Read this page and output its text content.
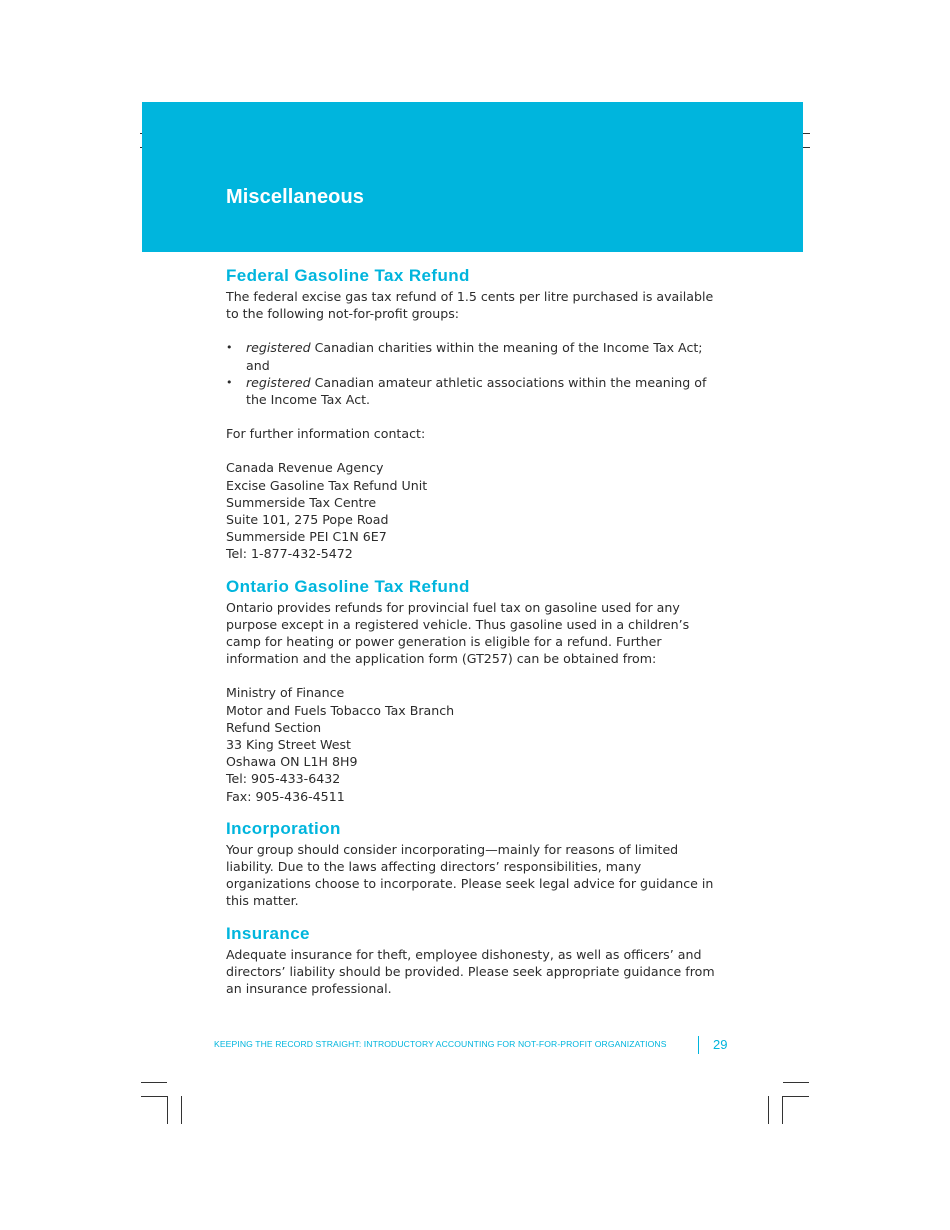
Miscellaneous
Federal Gasoline Tax Refund

The federal excise gas tax refund of 1.5 cents per litre purchased is available to the following not-for-profit groups:

• registered Canadian charities within the meaning of the Income Tax Act; and
• registered Canadian amateur athletic associations within the meaning of the Income Tax Act.

For further information contact:

Canada Revenue Agency
Excise Gasoline Tax Refund Unit
Summerside Tax Centre
Suite 101, 275 Pope Road
Summerside PEI C1N 6E7
Tel: 1-877-432-5472
Ontario Gasoline Tax Refund

Ontario provides refunds for provincial fuel tax on gasoline used for any purpose except in a registered vehicle. Thus gasoline used in a children’s camp for heating or power generation is eligible for a refund. Further information and the application form (GT257) can be obtained from:

Ministry of Finance
Motor and Fuels Tobacco Tax Branch
Refund Section
33 King Street West
Oshawa ON L1H 8H9
Tel: 905-433-6432
Fax: 905-436-4511
Incorporation

Your group should consider incorporating—mainly for reasons of limited liability. Due to the laws affecting directors’ responsibilities, many organizations choose to incorporate. Please seek legal advice for guidance in this matter.

Insurance

Adequate insurance for theft, employee dishonesty, as well as officers’ and directors’ liability should be provided. Please seek appropriate guidance from an insurance professional.

KEEPING THE RECORD STRAIGHT: INTRODUCTORY ACCOUNTING FOR NOT-FOR-PROFIT ORGANIZATIONS	29
